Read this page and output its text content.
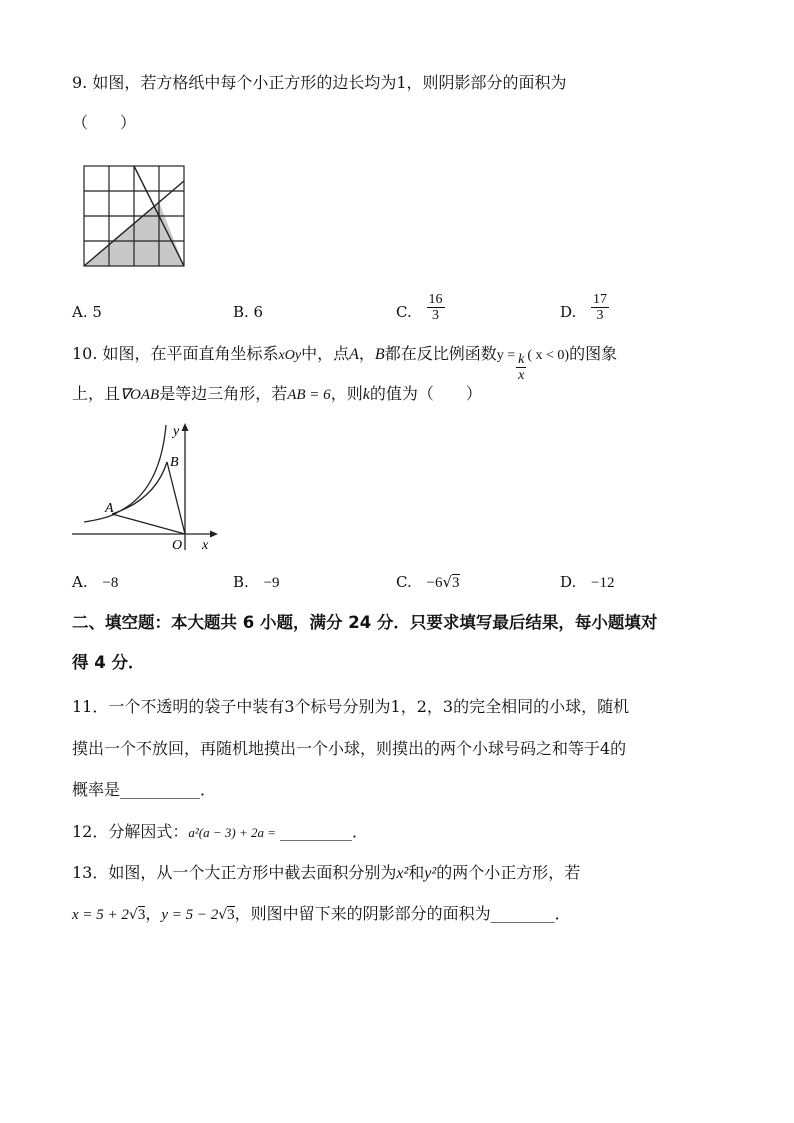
9. 如图，若方格纸中每个小正方形的边长均为1，则阴影部分的面积为
（　　）
A. 5	B. 6	C. $\frac{16}{3}$	D. $\frac{17}{3}$
10. 如图，在平面直角坐标系xOy中，点A，B都在反比例函数$y = \frac{k}{x}$ ( x < 0)的图象
上，且∇OAB是等边三角形，若AB = 6，则k的值为（　　）
y
x
O
A
B
A. −8	B. −9	C. −6√3	D. −12
二、填空题：本大题共 6 小题，满分 24 分．只要求填写最后结果，每小题填对
得 4 分．
11．一个不透明的袋子中装有3个标号分别为1，2，3的完全相同的小球，随机
摸出一个不放回，再随机地摸出一个小球，则摸出的两个小球号码之和等于4的
概率是__________．
12．分解因式：a²(a − 3) + 2a = _________．
13．如图，从一个大正方形中截去面积分别为x²和y²的两个小正方形，若
x = 5 + 2√3，y = 5 − 2√3，则图中留下来的阴影部分的面积为________．
